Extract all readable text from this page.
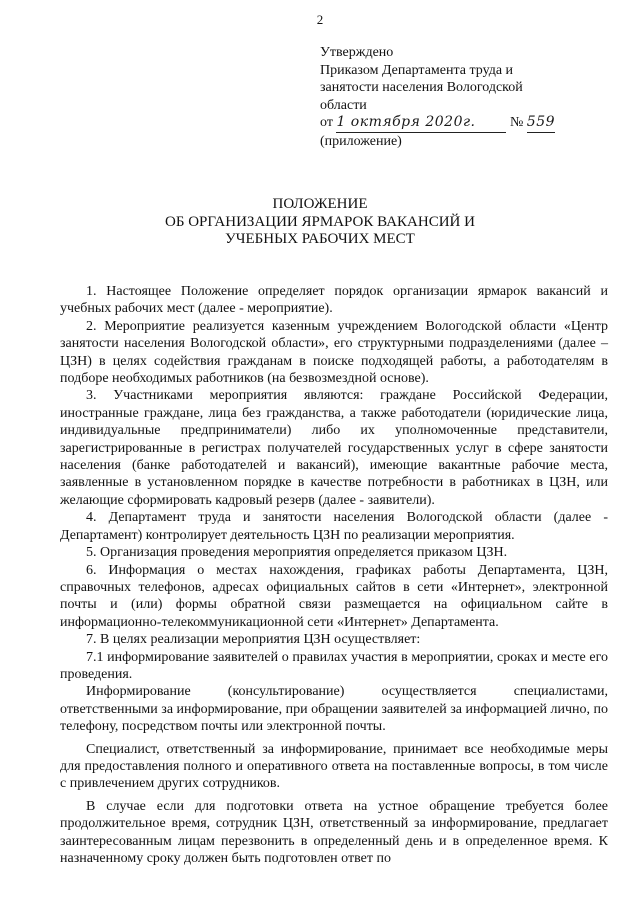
2
Утверждено
Приказом Департамента труда и
занятости населения Вологодской
области
от 1 октября 2020г. № 559
(приложение)
ПОЛОЖЕНИЕ
ОБ ОРГАНИЗАЦИИ ЯРМАРОК ВАКАНСИЙ И
УЧЕБНЫХ РАБОЧИХ МЕСТ

1. Настоящее Положение определяет порядок организации ярмарок вакансий и учебных рабочих мест (далее - мероприятие).

2. Мероприятие реализуется казенным учреждением Вологодской области «Центр занятости населения Вологодской области», его структурными подразделениями (далее – ЦЗН) в целях содействия гражданам в поиске подходящей работы, а работодателям в подборе необходимых работников (на безвозмездной основе).

3. Участниками мероприятия являются: граждане Российской Федерации, иностранные граждане, лица без гражданства, а также работодатели (юридические лица, индивидуальные предприниматели) либо их уполномоченные представители, зарегистрированные в регистрах получателей государственных услуг в сфере занятости населения (банке работодателей и вакансий), имеющие вакантные рабочие места, заявленные в установленном порядке в качестве потребности в работниках в ЦЗН, или желающие сформировать кадровый резерв (далее - заявители).

4. Департамент труда и занятости населения Вологодской области (далее - Департамент) контролирует деятельность ЦЗН по реализации мероприятия.

5. Организация проведения мероприятия определяется приказом ЦЗН.

6. Информация о местах нахождения, графиках работы Департамента, ЦЗН, справочных телефонов, адресах официальных сайтов в сети «Интернет», электронной почты и (или) формы обратной связи размещается на официальном сайте в информационно-телекоммуникационной сети «Интернет» Департамента.

7. В целях реализации мероприятия ЦЗН осуществляет:

7.1 информирование заявителей о правилах участия в мероприятии, сроках и месте его проведения.

Информирование (консультирование) осуществляется специалистами, ответственными за информирование, при обращении заявителей за информацией лично, по телефону, посредством почты или электронной почты.

Специалист, ответственный за информирование, принимает все необходимые меры для предоставления полного и оперативного ответа на поставленные вопросы, в том числе с привлечением других сотрудников.

В случае если для подготовки ответа на устное обращение требуется более продолжительное время, сотрудник ЦЗН, ответственный за информирование, предлагает заинтересованным лицам перезвонить в определенный день и в определенное время. К назначенному сроку должен быть подготовлен ответ по
